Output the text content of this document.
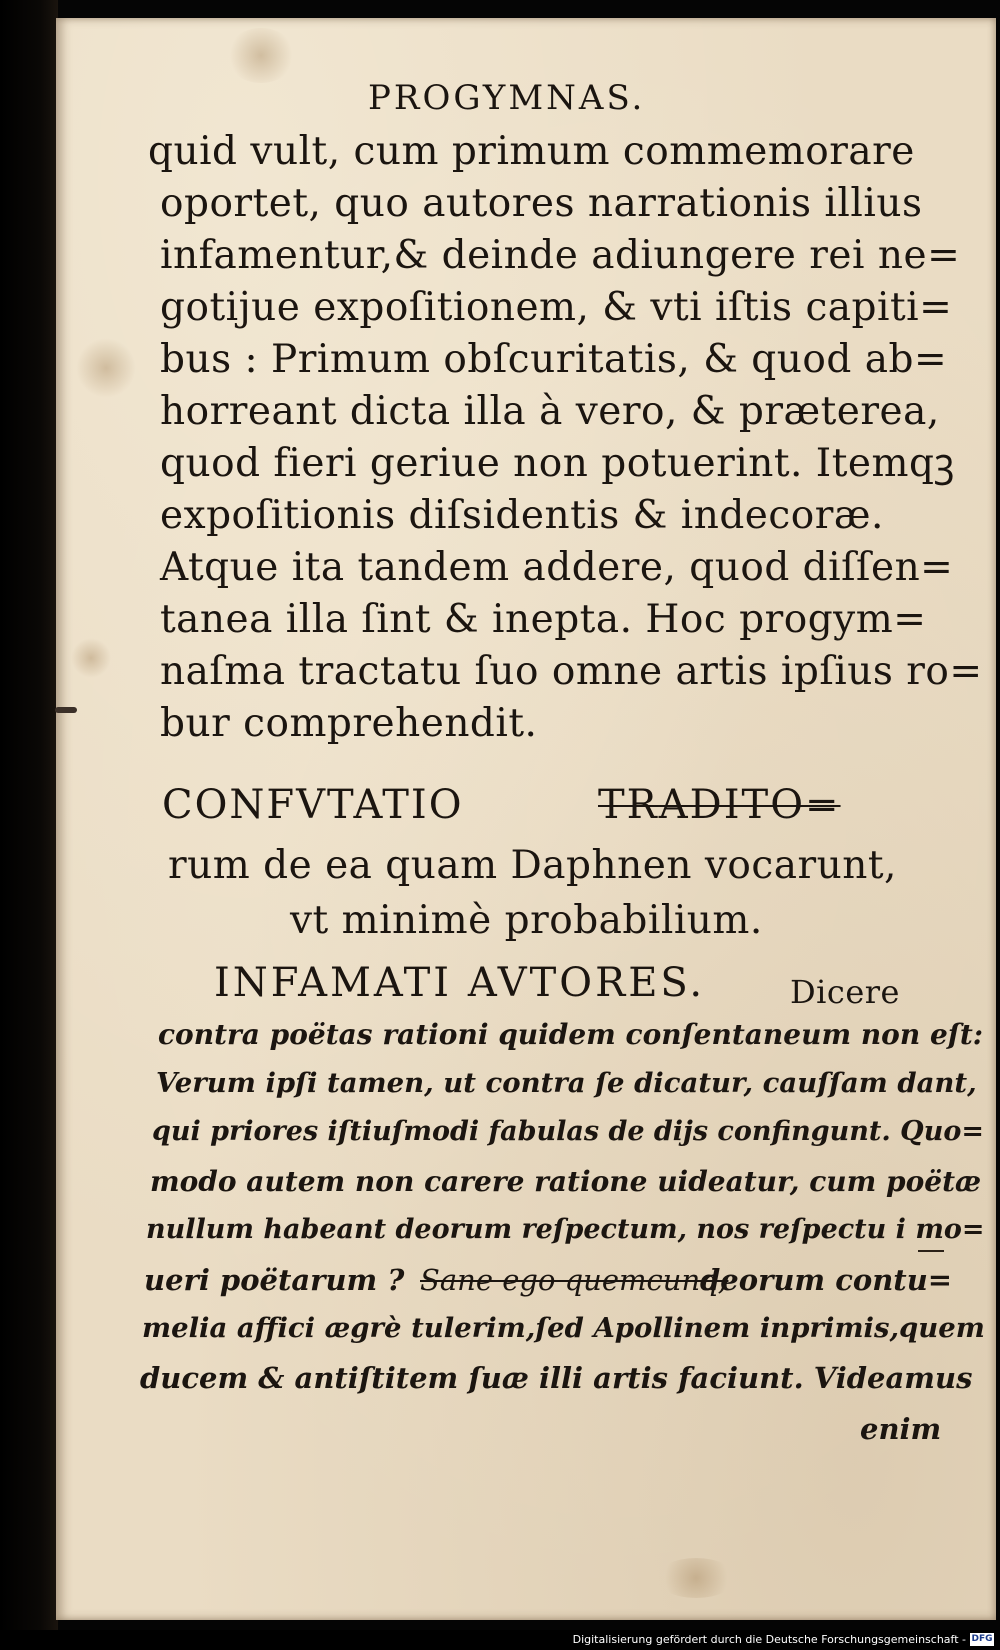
PROGYMNAS.
quid vult, cum primum commemorare
oportet, quo autores narrationis illius
infamentur,& deinde adiungere rei ne=
gotijue expoſitionem, & vti iſtis capiti=
bus : Primum obſcuritatis, & quod ab=
horreant dicta illa à vero, & præterea,
quod fieri geriue non potuerint. Itemqꝫ
expoſitionis diſsidentis & indecoræ.
Atque ita tandem addere, quod diſſen=
tanea illa ſint & inepta. Hoc progym=
naſma tractatu ſuo omne artis ipſius ro=
bur comprehendit.
CONFVTATIO	TRADITO=
rum de ea quam Daphnen vocarunt,
vt minimè probabilium.
INFAMATI AVTORES.	Dicere
contra poëtas rationi quidem conſentaneum non eſt:
Verum ipſi tamen, ut contra ſe dicatur, cauſſam dant,
qui priores iſtiuſmodi fabulas de dijs confingunt. Quo=
modo autem non carere ratione uideatur, cum poëtæ
nullum habeant deorum reſpectum, nos reſpectu i mo=
ueri poëtarum ? Sane ego quemcunq;
deorum contu=
melia affici ægrè tulerim,ſed Apollinem inprimis,quem
ducem & antiſtitem ſuæ illi artis faciunt. Videamus
enim
Digitalisierung gefördert durch die Deutsche Forschungsgemeinschaft - DFG
